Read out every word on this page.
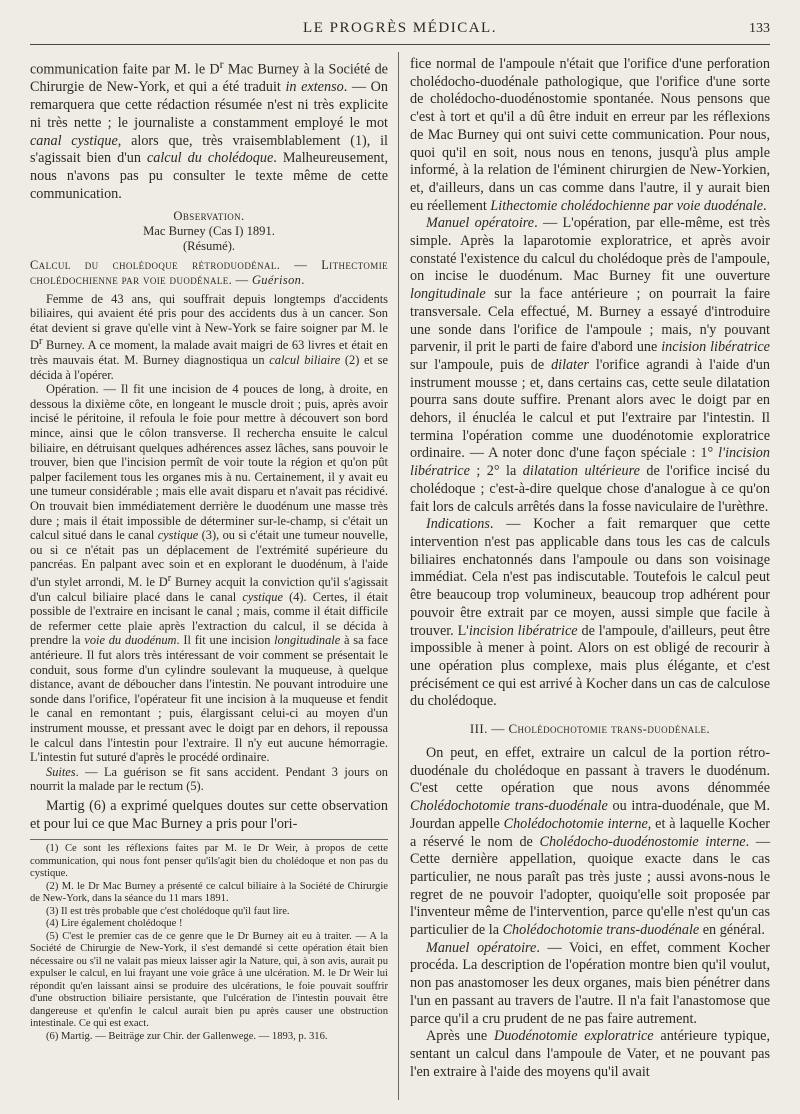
LE PROGRÈS MÉDICAL.	133

communication faite par M. le $D^r$ Mac Burney à la Société de Chirurgie de New-York, et qui a été traduit in extenso. — On remarquera que cette rédaction résumée n'est ni très explicite ni très nette ; le journaliste a constamment employé le mot canal cystique, alors que, très vraisemblablement (1), il s'agissait bien d'un calcul du cholédoque. Malheureusement, nous n'avons pas pu consulter le texte même de cette communication.

Observation.
Mac Burney (Cas I) 1891.
(Résumé).

Calcul du cholédoque rétroduodénal. — Lithectomie cholédochienne par voie duodénale. — Guérison.

Femme de 43 ans, qui souffrait depuis longtemps d'accidents biliaires, qui avaient été pris pour des accidents dus à un cancer. Son état devient si grave qu'elle vint à New-York se faire soigner par M. le $D^r$ Burney. A ce moment, la malade avait maigri de 63 livres et était en très mauvais état. M. Burney diagnostiqua un calcul biliaire (2) et se décida à l'opérer.

Opération. — Il fit une incision de 4 pouces de long, à droite, en dessous la dixième côte, en longeant le muscle droit ; puis, après avoir incisé le péritoine, il refoula le foie pour mettre à découvert son bord mince, ainsi que le côlon transverse. Il rechercha ensuite le calcul biliaire, en détruisant quelques adhérences assez lâches, sans pouvoir le trouver, bien que l'incision permît de voir toute la région et qu'on pût palper facilement tous les organes mis à nu. Certainement, il y avait eu une tumeur considérable ; mais elle avait disparu et n'avait pas récidivé. On trouvait bien immédiatement derrière le duodénum une masse très dure ; mais il était impossible de déterminer sur-le-champ, si c'était un calcul situé dans le canal cystique (3), ou si c'était une tumeur nouvelle, ou si ce n'était pas un déplacement de l'extrémité supérieure du pancréas. En palpant avec soin et en explorant le duodénum, à l'aide d'un stylet arrondi, M. le $D^r$ Burney acquit la conviction qu'il s'agissait d'un calcul biliaire placé dans le canal cystique (4). Certes, il était possible de l'extraire en incisant le canal ; mais, comme il était difficile de refermer cette plaie après l'extraction du calcul, il se décida à prendre la voie du duodénum. Il fit une incision longitudinale à sa face antérieure. Il fut alors très intéressant de voir comment se présentait le conduit, sous forme d'un cylindre soulevant la muqueuse, à quelque distance, avant de déboucher dans l'intestin. Ne pouvant introduire une sonde dans l'orifice, l'opérateur fit une incision à la muqueuse et fendit le canal en remontant ; puis, élargissant celui-ci au moyen d'un instrument mousse, et pressant avec le doigt par en dehors, il repoussa le calcul dans l'intestin pour l'extraire. Il n'y eut aucune hémorragie. L'intestin fut suturé d'après le procédé ordinaire.

Suites. — La guérison se fit sans accident. Pendant 3 jours on nourrit la malade par le rectum (5).

Martig (6) a exprimé quelques doutes sur cette observation et pour lui ce que Mac Burney a pris pour l'ori-

(1) Ce sont les réflexions faites par M. le Dr Weir, à propos de cette communication, qui nous font penser qu'ils'agit bien du cholédoque et non pas du cystique.

(2) M. le Dr Mac Burney a présenté ce calcul biliaire à la Société de Chirurgie de New-York, dans la séance du 11 mars 1891.

(3) Il est très probable que c'est cholédoque qu'il faut lire.

(4) Lire également cholédoque !

(5) C'est le premier cas de ce genre que le Dr Burney ait eu à traiter. — A la Société de Chirurgie de New-York, il s'est demandé si cette opération était bien nécessaire ou s'il ne valait pas mieux laisser agir la Nature, qui, à son avis, aurait pu expulser le calcul, en lui frayant une voie grâce à une ulcération. M. le Dr Weir lui répondit qu'en laissant ainsi se produire des ulcérations, le foie pouvait souffrir d'une obstruction biliaire persistante, que l'ulcération de l'intestin pouvait être dangereuse et qu'enfin le calcul aurait bien pu après causer une obstruction intestinale. Ce qui est exact.

(6) Martig. — Beiträge zur Chir. der Gallenwege. — 1893, p. 316.

fice normal de l'ampoule n'était que l'orifice d'une perforation cholédocho-duodénale pathologique, que l'orifice d'une sorte de cholédocho-duodénostomie spontanée. Nous pensons que c'est à tort et qu'il a dû être induit en erreur par les réflexions de Mac Burney qui ont suivi cette communication. Pour nous, quoi qu'il en soit, nous nous en tenons, jusqu'à plus ample informé, à la relation de l'éminent chirurgien de New-Yorkien, et, d'ailleurs, dans un cas comme dans l'autre, il y aurait bien eu réellement Lithectomie cholédochienne par voie duodénale.

Manuel opératoire. — L'opération, par elle-même, est très simple. Après la laparotomie exploratrice, et après avoir constaté l'existence du calcul du cholédoque près de l'ampoule, on incise le duodénum. Mac Burney fit une ouverture longitudinale sur la face antérieure ; on pourrait la faire transversale. Cela effectué, M. Burney a essayé d'introduire une sonde dans l'orifice de l'ampoule ; mais, n'y pouvant parvenir, il prit le parti de faire d'abord une incision libératrice sur l'ampoule, puis de dilater l'orifice agrandi à l'aide d'un instrument mousse ; et, dans certains cas, cette seule dilatation pourra sans doute suffire. Prenant alors avec le doigt par en dehors, il énucléa le calcul et put l'extraire par l'intestin. Il termina l'opération comme une duodénotomie exploratrice ordinaire. — A noter donc d'une façon spéciale : 1° l'incision libératrice ; 2° la dilatation ultérieure de l'orifice incisé du cholédoque ; c'est-à-dire quelque chose d'analogue à ce qu'on fait lors de calculs arrêtés dans la fosse naviculaire de l'urèthre.

Indications. — Kocher a fait remarquer que cette intervention n'est pas applicable dans tous les cas de calculs biliaires enchatonnés dans l'ampoule ou dans son voisinage immédiat. Cela n'est pas indiscutable. Toutefois le calcul peut être beaucoup trop volumineux, beaucoup trop adhérent pour pouvoir être extrait par ce moyen, aussi simple que facile à trouver. L'incision libératrice de l'ampoule, d'ailleurs, peut être impossible à mener à point. Alors on est obligé de recourir à une opération plus complexe, mais plus élégante, et c'est précisément ce qui est arrivé à Kocher dans un cas de calculose du cholédoque.

III. — Cholédochotomie trans-duodénale.

On peut, en effet, extraire un calcul de la portion rétro-duodénale du cholédoque en passant à travers le duodénum. C'est cette opération que nous avons dénommée Cholédochotomie trans-duodénale ou intra-duodénale, que M. Jourdan appelle Cholédochotomie interne, et à laquelle Kocher a réservé le nom de Cholédocho-duodénostomie interne. — Cette dernière appellation, quoique exacte dans le cas particulier, ne nous paraît pas très juste ; aussi avons-nous le regret de ne pouvoir l'adopter, quoiqu'elle soit proposée par l'inventeur même de l'intervention, parce qu'elle n'est qu'un cas particulier de la Cholédochotomie trans-duodénale en général.

Manuel opératoire. — Voici, en effet, comment Kocher procéda. La description de l'opération montre bien qu'il voulut, non pas anastomoser les deux organes, mais bien pénétrer dans l'un en passant au travers de l'autre. Il n'a fait l'anastomose que parce qu'il a cru prudent de ne pas faire autrement.

Après une Duodénotomie exploratrice antérieure typique, sentant un calcul dans l'ampoule de Vater, et ne pouvant pas l'en extraire à l'aide des moyens qu'il avait
